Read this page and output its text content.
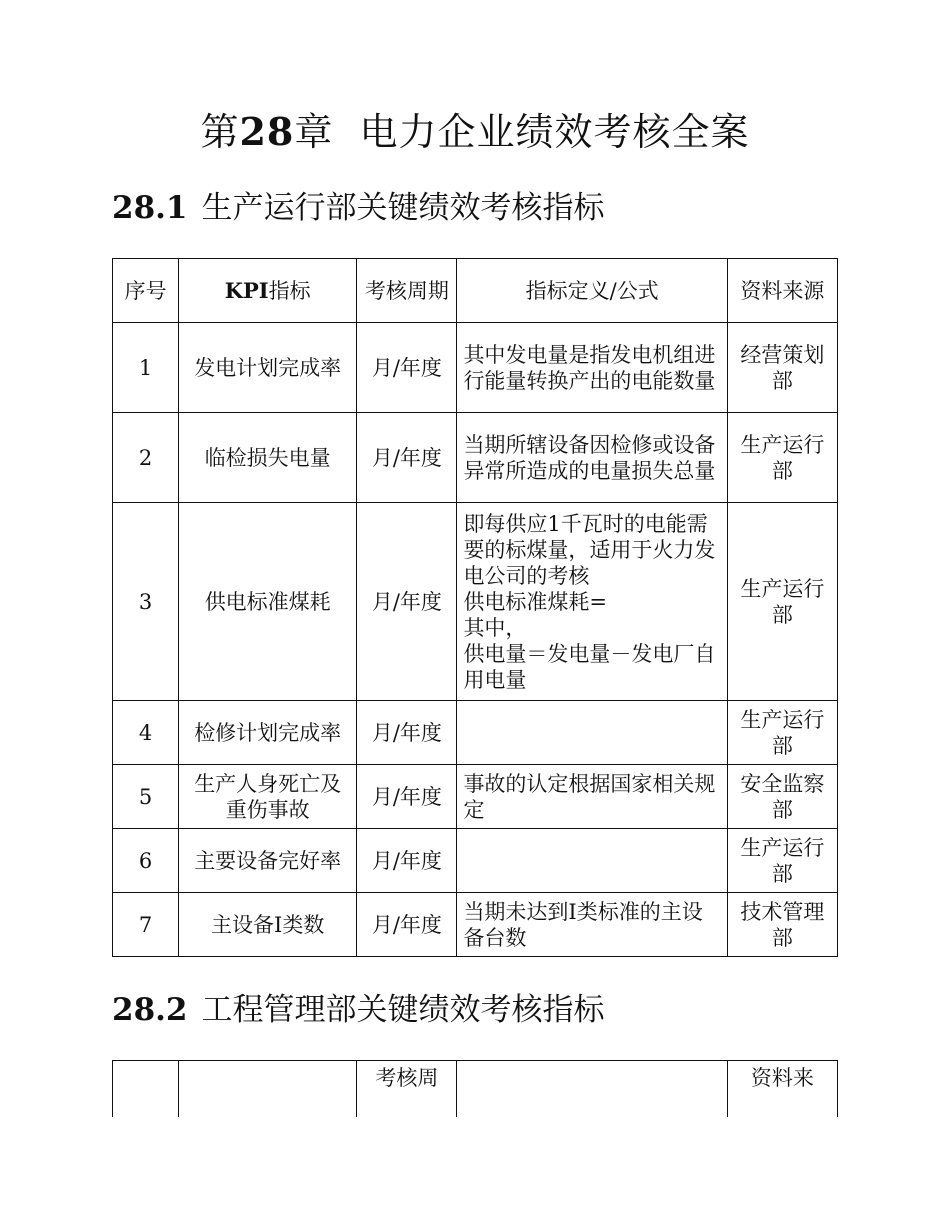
第28章 电力企业绩效考核全案
28.1 生产运行部关键绩效考核指标
序号	KPI指标	考核周期	指标定义/公式	资料来源
1	发电计划完成率	月/年度	其中发电量是指发电机组进行能量转换产出的电能数量	经营策划部
2	临检损失电量	月/年度	当期所辖设备因检修或设备异常所造成的电量损失总量	生产运行部
3	供电标准煤耗	月/年度	即每供应1千瓦时的电能需要的标煤量，适用于火力发电公司的考核
供电标准煤耗=
其中，
供电量＝发电量－发电厂自用电量	生产运行部
4	检修计划完成率	月/年度		生产运行部
5	生产人身死亡及重伤事故	月/年度	事故的认定根据国家相关规定	安全监察部
6	主要设备完好率	月/年度		生产运行部
7	主设备Ⅰ类数	月/年度	当期未达到Ⅰ类标准的主设备台数	技术管理部
28.2 工程管理部关键绩效考核指标
		考核周		资料来
